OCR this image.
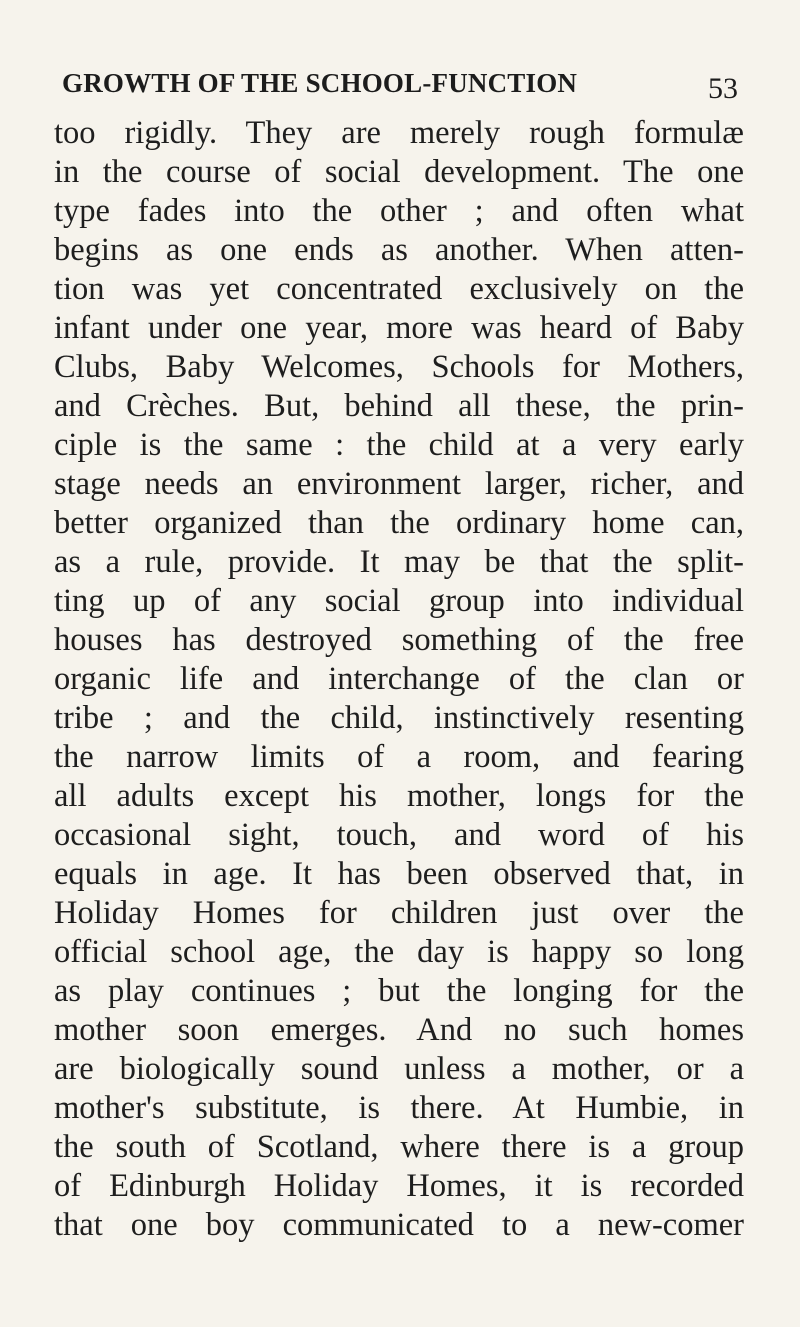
GROWTH OF THE SCHOOL-FUNCTION	53
too rigidly. They are merely rough formulæ
in the course of social development. The one
type fades into the other ; and often what
begins as one ends as another. When atten-
tion was yet concentrated exclusively on the
infant under one year, more was heard of Baby
Clubs, Baby Welcomes, Schools for Mothers,
and Crèches. But, behind all these, the prin-
ciple is the same : the child at a very early
stage needs an environment larger, richer, and
better organized than the ordinary home can,
as a rule, provide. It may be that the split-
ting up of any social group into individual
houses has destroyed something of the free
organic life and interchange of the clan or
tribe ; and the child, instinctively resenting
the narrow limits of a room, and fearing
all adults except his mother, longs for the
occasional sight, touch, and word of his
equals in age. It has been observed that, in
Holiday Homes for children just over the
official school age, the day is happy so long
as play continues ; but the longing for the
mother soon emerges. And no such homes
are biologically sound unless a mother, or a
mother's substitute, is there. At Humbie, in
the south of Scotland, where there is a group
of Edinburgh Holiday Homes, it is recorded
that one boy communicated to a new-comer
